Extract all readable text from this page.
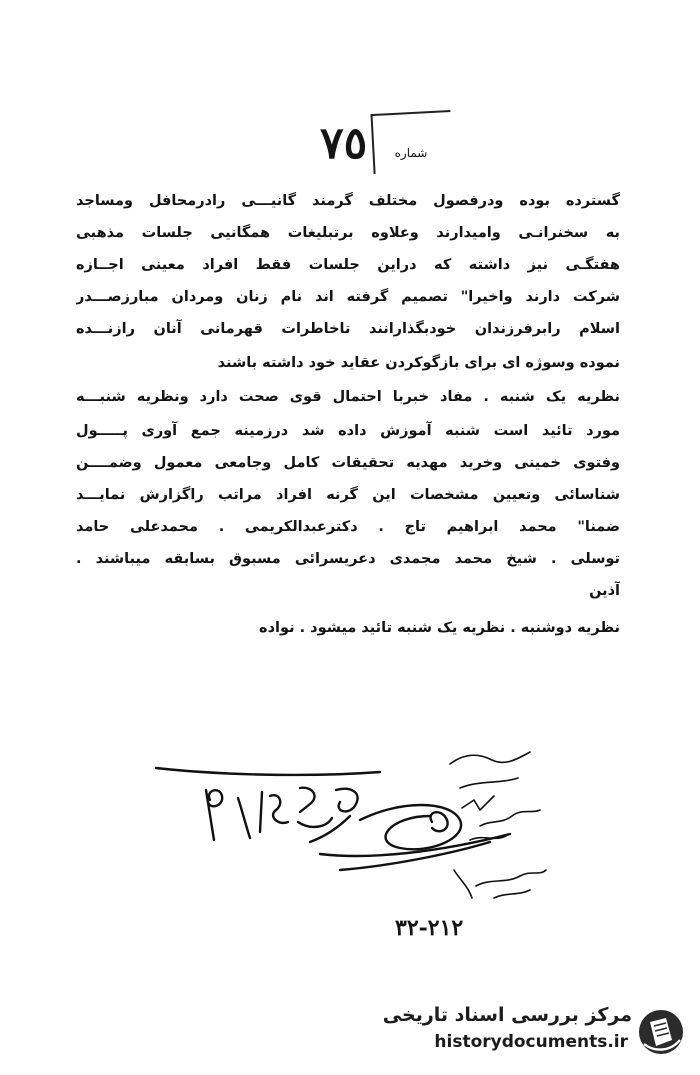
٧٥	شماره
گسترده بوده ودرفصول مختلف گرمند گانیـــی رادرمحافل ومساجد
به سخنرانـی وامیدارند وعلاوه برتبلیغات همگانیی جلسات مذهبی
هفتگـی نیز داشته که دراین جلسات فقط افراد معینی اجــازه
شرکت دارند واخیرا" تصمیم گرفته اند نام زنان ومردان مبارزصـــدر
اسلام رابرفرزندان خودبگذارانند تاخاطرات قهرمانی آنان رازنـــده
نموده وسوژه ای برای بازگوکردن عقاید خود داشته باشند
نظریه یک شنبه . مفاد خبربا احتمال قوی صحت دارد ونظریه شنبـــه
مورد تائید است شنبه آموزش داده شد درزمینه جمع آوری پـــــول
وفتوی خمینی وخرید مهدیه تحقیقات کامل وجامعی معمول وضمــــن
شناسائی وتعیین مشخصات این گرنه افراد مراتب راگزارش نمایـــد
ضمنا" محمد ابراهیم تاج . دکترعبدالکریمی . محمدعلی حامد
توسلی . شیخ محمد مجمدی دعریسرائی مسبوق بسابقه میباشند .
آذین
نظریه دوشنبه . نظریه یک شنبه تائید میشود . نواده
٢١٢-٣٢
مرکز بررسی اسناد تاریخی
historydocuments.ir
